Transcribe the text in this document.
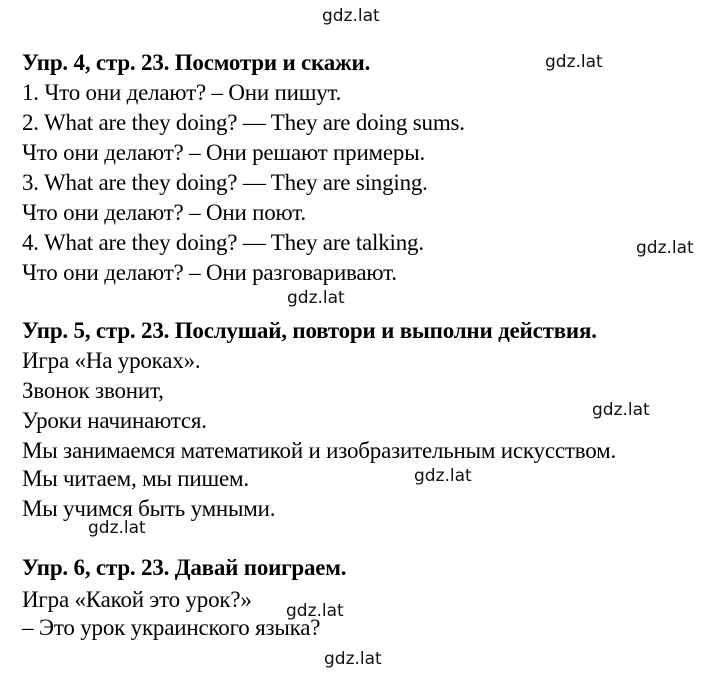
gdz.lat
gdz.lat
gdz.lat
gdz.lat
gdz.lat
gdz.lat
gdz.lat
gdz.lat
gdz.lat
Упр. 4, стр. 23. Посмотри и скажи.
1. Что они делают? – Они пишут.
2. What are they doing? — They are doing sums.
Что они делают? – Они решают примеры.
3. What are they doing? — They are singing.
Что они делают? – Они поют.
4. What are they doing? — They are talking.
Что они делают? – Они разговаривают.
Упр. 5, стр. 23. Послушай, повтори и выполни действия.
Игра «На уроках».
Звонок звонит,
Уроки начинаются.
Мы занимаемся математикой и изобразительным искусством.
Мы читаем, мы пишем.
Мы учимся быть умными.
Упр. 6, стр. 23. Давай поиграем.
Игра «Какой это урок?»
– Это урок украинского языка?
